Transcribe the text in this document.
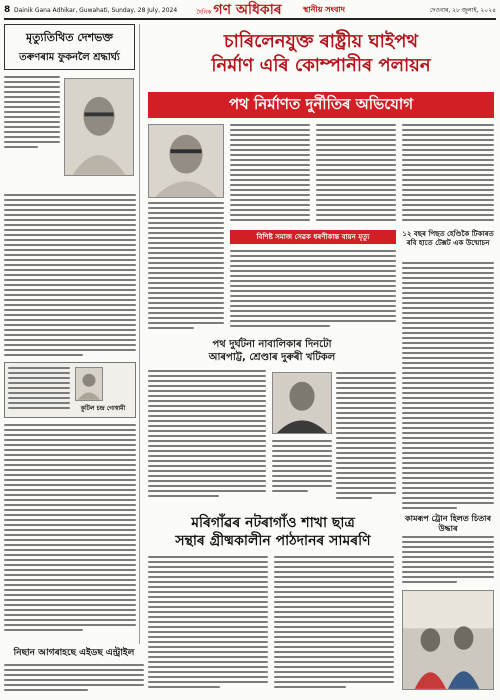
8 Dainik Gana Adhikar, Guwahati, Sunday, 28 July, 2024	দৈনিক গণ অধিকাৰ	স্থানীয় সংবাদ	দেওবাৰ, ২৮ জুলাই, ২০২৪
মৃত্যুতিথিত দেশভক্ত
তৰুণৰাম ফুকনলৈ শ্ৰদ্ধাৰ্ঘ্য
কুটিল চন্দ্ৰ গোস্বামী
চাৰিলেনযুক্ত ৰাষ্ট্ৰীয় ঘাইপথ
নিৰ্মাণ এৰি কোম্পানীৰ পলায়ন
পথ নিৰ্মাণত দুৰ্নীতিৰ অভিযোগ
বিশিষ্ট সমাজ সেৱক ধৰণীকান্ত বায়ন মৃত্যু	১২ বছৰ পিছত হেণ্ডিকৈ টিকাৰত ৰবি হাতে টেক্সট এক উন্মোচন
পথ দুৰ্ঘটনা নাবালিকাৰ দিনটো
আৰপাট্ট, শ্ৰেণ্ডাৰ দুৰুৰী খটিকল
কামৰূপ ট্ৰোন হিলত চিতাৰ উদ্ধাৰ
মৰিগাঁৱৰ নটৰাগাঁও শাখা ছাত্ৰ
সন্থাৰ গ্ৰীষ্মকালীন পাঠদানৰ সামৰণি
নিছান আগৰাহছে এইডছ এন্ট্ৰাইল
